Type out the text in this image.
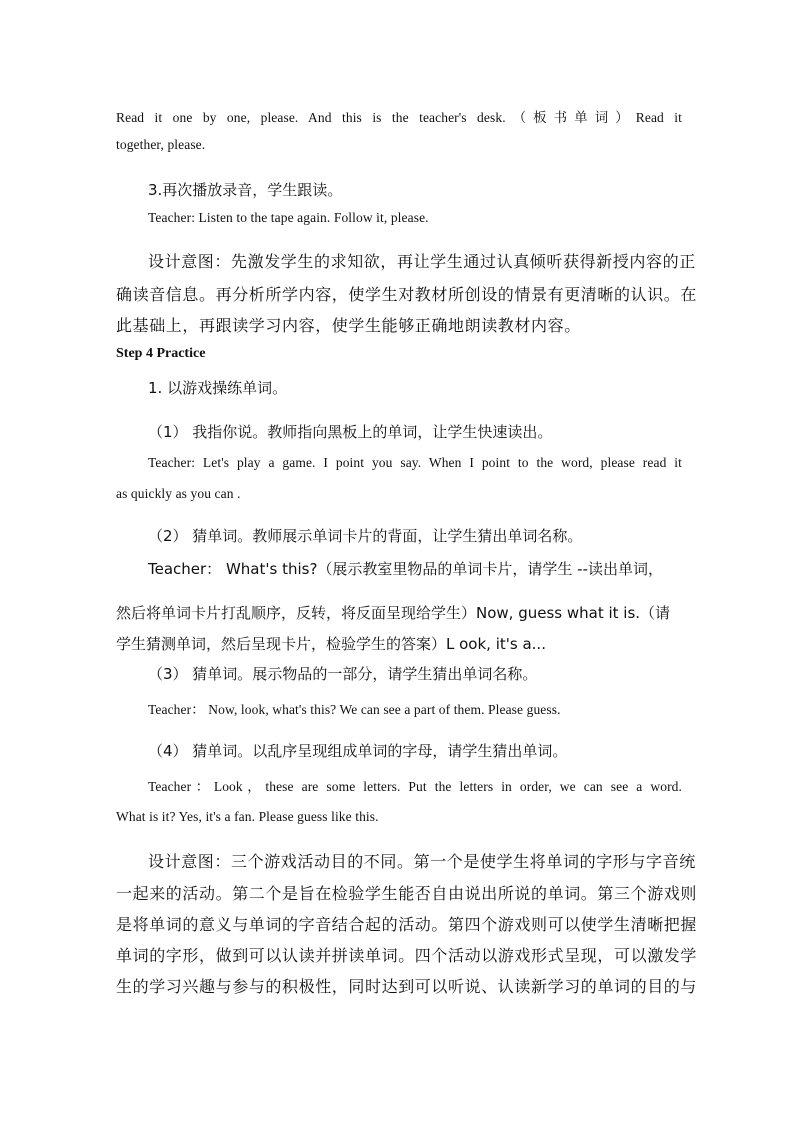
Read it one by one, please. And this is the teacher's desk.（板书单词）Read it
together, please.
3.再次播放录音，学生跟读。
Teacher: Listen to the tape again. Follow it, please.
设计意图：先激发学生的求知欲，再让学生通过认真倾听获得新授内容的正
确读音信息。再分析所学内容，使学生对教材所创设的情景有更清晰的认识。在
此基础上，再跟读学习内容，使学生能够正确地朗读教材内容。
Step 4 Practice
1. 以游戏操练单词。
（1） 我指你说。教师指向黑板上的单词，让学生快速读出。
Teacher: Let's play a game. I point you say. When I point to the word, please read it
as quickly as you can .
（2） 猜单词。教师展示单词卡片的背面，让学生猜出单词名称。
Teacher： What's this?（展示教室里物品的单词卡片，请学生 --读出单词，
然后将单词卡片打乱顺序，反转，将反面呈现给学生）Now, guess what it is.（请
学生猜测单词，然后呈现卡片，检验学生的答案）L ook, it's a...
（3） 猜单词。展示物品的一部分，请学生猜出单词名称。
Teacher： Now, look, what's this? We can see a part of them. Please guess.
（4） 猜单词。以乱序呈现组成单词的字母，请学生猜出单词。
Teacher：Look，these are some letters. Put the letters in order, we can see a word.
What is it? Yes, it's a fan. Please guess like this.
设计意图：三个游戏活动目的不同。第一个是使学生将单词的字形与字音统
一起来的活动。第二个是旨在检验学生能否自由说出所说的单词。第三个游戏则
是将单词的意义与单词的字音结合起的活动。第四个游戏则可以使学生清晰把握
单词的字形，做到可以认读并拼读单词。四个活动以游戏形式呈现，可以激发学
生的学习兴趣与参与的积极性，同时达到可以听说、认读新学习的单词的目的与
